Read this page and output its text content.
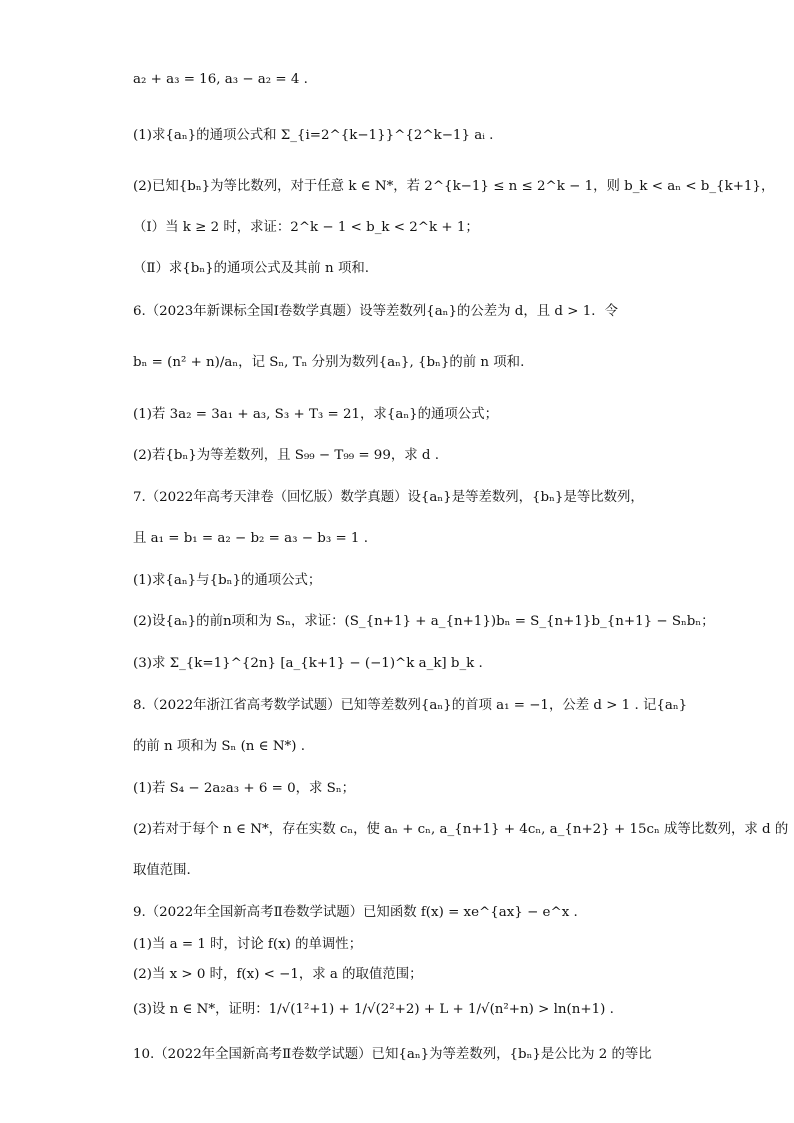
a₂ + a₃ = 16, a₃ − a₂ = 4 .
(1)求{aₙ}的通项公式和 Σ_{i=2^{k−1}}^{2^k−1} aᵢ .
(2)已知{bₙ}为等比数列，对于任意 k ∈ N*，若 2^{k−1} ≤ n ≤ 2^k − 1，则 b_k < aₙ < b_{k+1}，
（Ⅰ）当 k ≥ 2 时，求证：2^k − 1 < b_k < 2^k + 1；
（Ⅱ）求{bₙ}的通项公式及其前 n 项和.
6.（2023年新课标全国Ⅰ卷数学真题）设等差数列{aₙ}的公差为 d，且 d > 1．令
bₙ = (n² + n)/aₙ，记 Sₙ, Tₙ 分别为数列{aₙ}, {bₙ}的前 n 项和.
(1)若 3a₂ = 3a₁ + a₃, S₃ + T₃ = 21，求{aₙ}的通项公式；
(2)若{bₙ}为等差数列，且 S₉₉ − T₉₉ = 99，求 d .
7.（2022年高考天津卷（回忆版）数学真题）设{aₙ}是等差数列，{bₙ}是等比数列，
且 a₁ = b₁ = a₂ − b₂ = a₃ − b₃ = 1 .
(1)求{aₙ}与{bₙ}的通项公式；
(2)设{aₙ}的前n项和为 Sₙ，求证：(S_{n+1} + a_{n+1})bₙ = S_{n+1}b_{n+1} − Sₙbₙ；
(3)求 Σ_{k=1}^{2n} [a_{k+1} − (−1)^k a_k] b_k .
8.（2022年浙江省高考数学试题）已知等差数列{aₙ}的首项 a₁ = −1，公差 d > 1 . 记{aₙ}
的前 n 项和为 Sₙ (n ∈ N*) .
(1)若 S₄ − 2a₂a₃ + 6 = 0，求 Sₙ；
(2)若对于每个 n ∈ N*，存在实数 cₙ，使 aₙ + cₙ, a_{n+1} + 4cₙ, a_{n+2} + 15cₙ 成等比数列，求 d 的
取值范围.
9.（2022年全国新高考Ⅱ卷数学试题）已知函数 f(x) = xe^{ax} − e^x .
(1)当 a = 1 时，讨论 f(x) 的单调性；
(2)当 x > 0 时，f(x) < −1，求 a 的取值范围；
(3)设 n ∈ N*，证明：1/√(1²+1) + 1/√(2²+2) + L + 1/√(n²+n) > ln(n+1) .
10.（2022年全国新高考Ⅱ卷数学试题）已知{aₙ}为等差数列，{bₙ}是公比为 2 的等比
